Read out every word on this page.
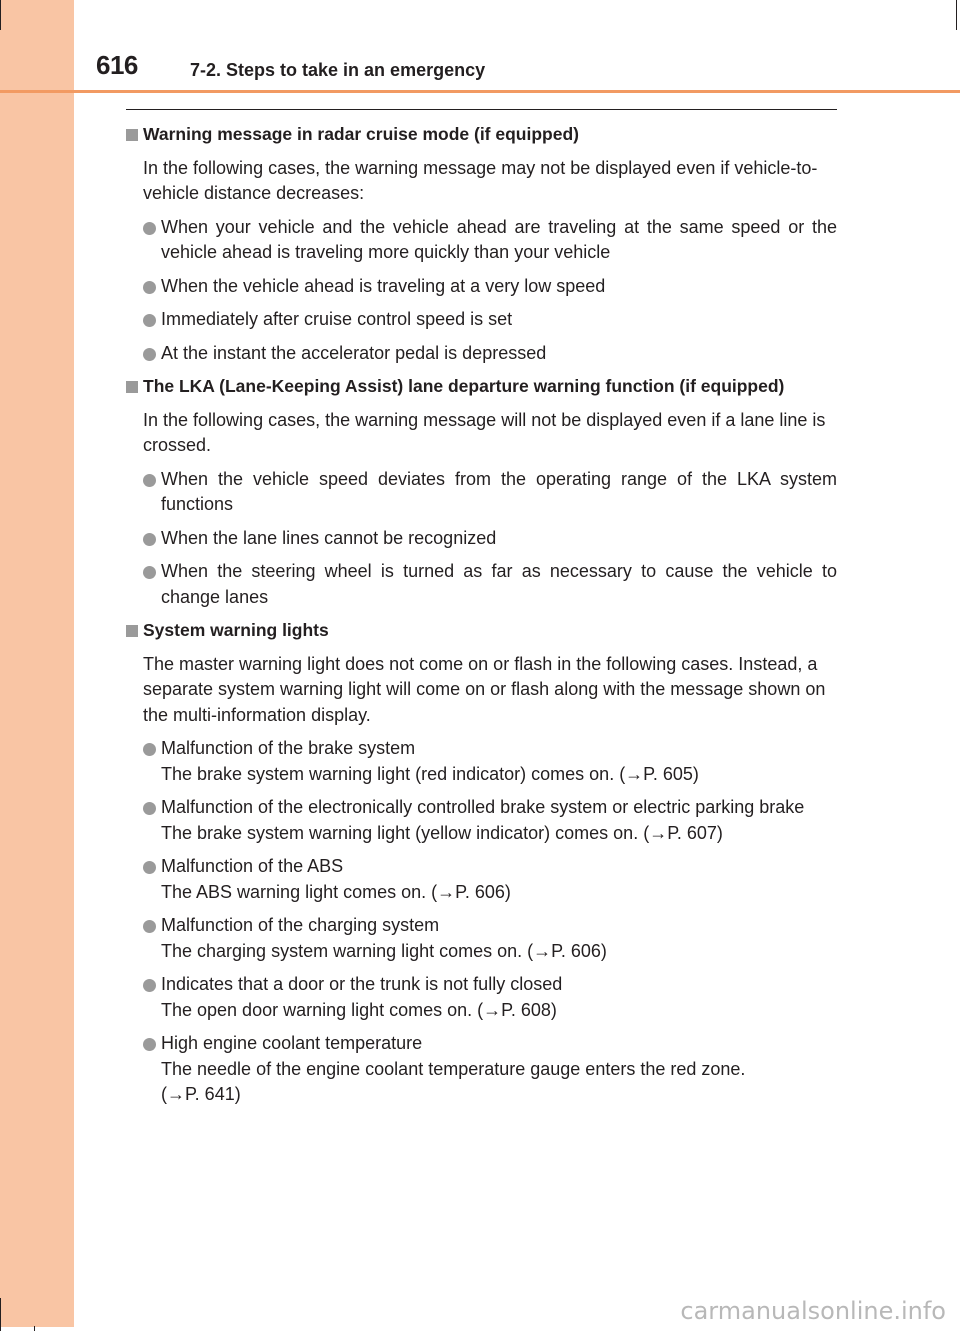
616	7-2. Steps to take in an emergency
Warning message in radar cruise mode (if equipped)
In the following cases, the warning message may not be displayed even if vehicle-to-vehicle distance decreases:
When your vehicle and the vehicle ahead are traveling at the same speed or the vehicle ahead is traveling more quickly than your vehicle
When the vehicle ahead is traveling at a very low speed
Immediately after cruise control speed is set
At the instant the accelerator pedal is depressed
The LKA (Lane-Keeping Assist) lane departure warning function (if equipped)
In the following cases, the warning message will not be displayed even if a lane line is crossed.
When the vehicle speed deviates from the operating range of the LKA system functions
When the lane lines cannot be recognized
When the steering wheel is turned as far as necessary to cause the vehicle to change lanes
System warning lights
The master warning light does not come on or flash in the following cases. Instead, a separate system warning light will come on or flash along with the message shown on the multi-information display.
Malfunction of the brake system
The brake system warning light (red indicator) comes on. (→P. 605)
Malfunction of the electronically controlled brake system or electric parking brake
The brake system warning light (yellow indicator) comes on. (→P. 607)
Malfunction of the ABS
The ABS warning light comes on. (→P. 606)
Malfunction of the charging system
The charging system warning light comes on. (→P. 606)
Indicates that a door or the trunk is not fully closed
The open door warning light comes on. (→P. 608)
High engine coolant temperature
The needle of the engine coolant temperature gauge enters the red zone.
(→P. 641)
carmanualsonline.info
